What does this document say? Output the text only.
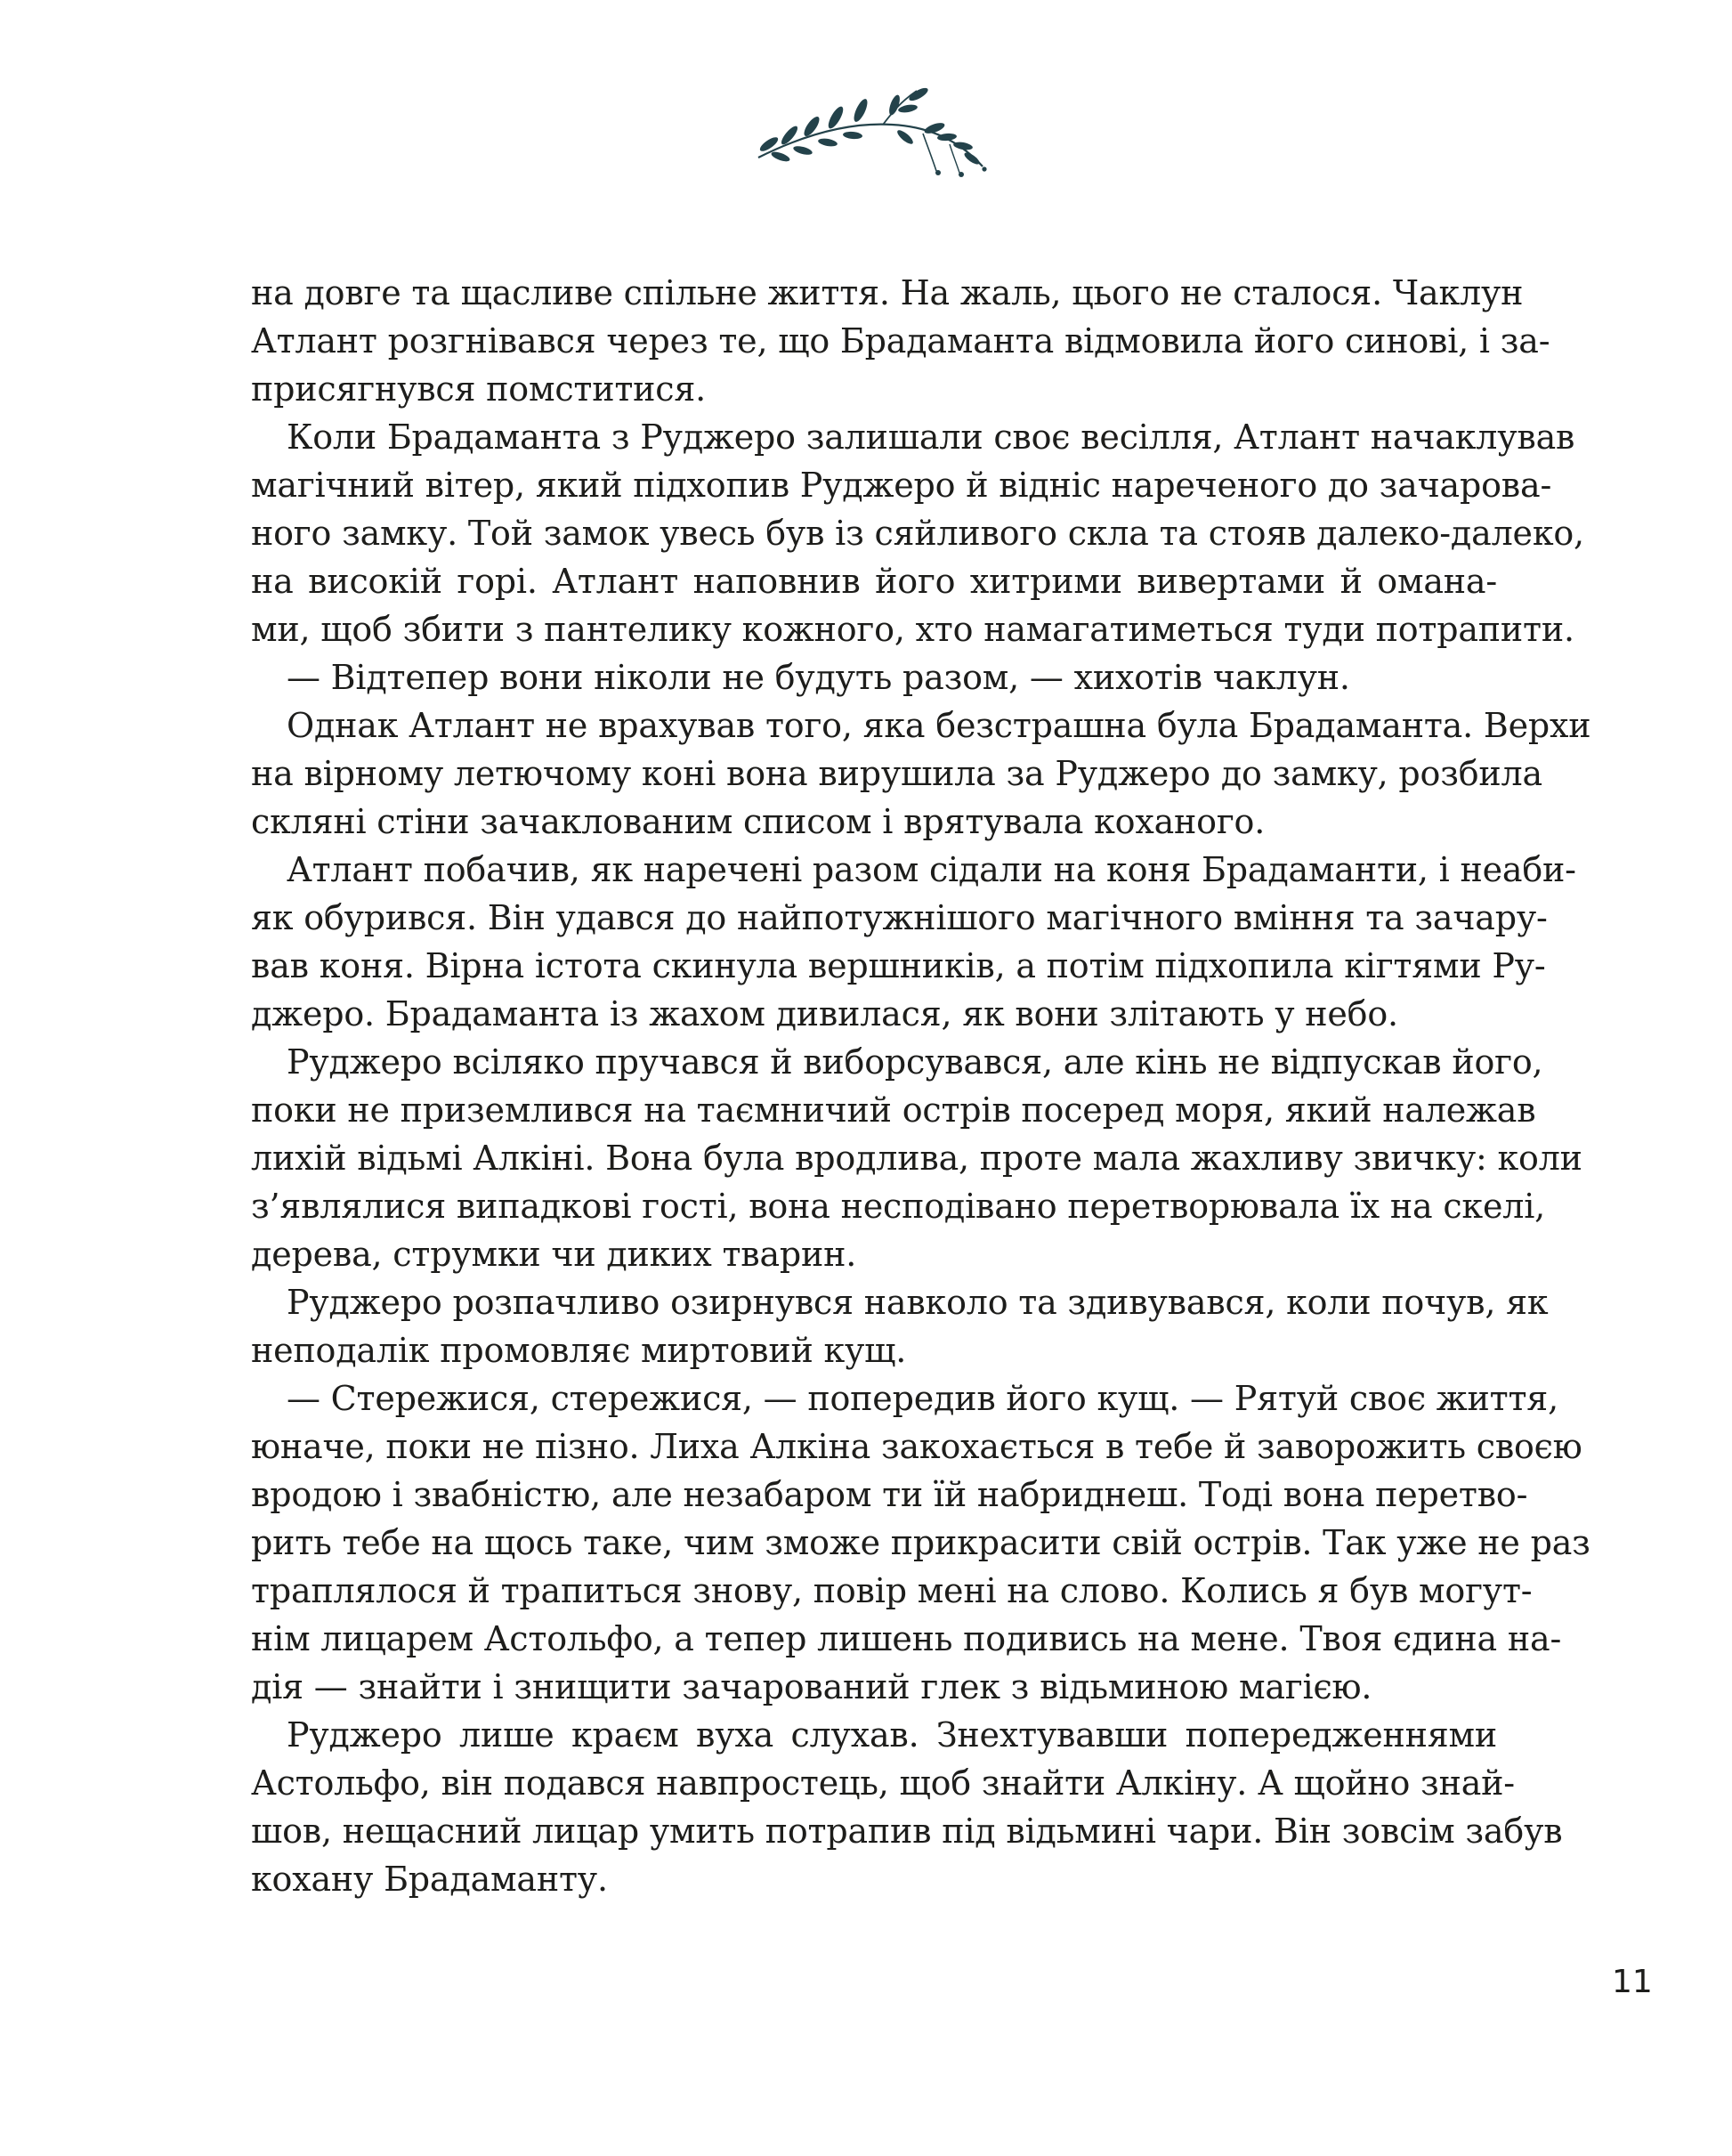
на довге та щасливе спільне життя. На жаль, цього не сталося. Чаклун
Атлант розгнівався через те, що Брадаманта відмовила його синові, і за-
присягнувся помститися.
Коли Брадаманта з Руджеро залишали своє весілля, Атлант начаклував
магічний вітер, який підхопив Руджеро й відніс нареченого до зачарова-
ного замку. Той замок увесь був із сяйливого скла та стояв далеко-далеко,
на високій горі. Атлант наповнив його хитрими вивертами й омана-
ми, щоб збити з пантелику кожного, хто намагатиметься туди потрапити.
— Відтепер вони ніколи не будуть разом, — хихотів чаклун.
Однак Атлант не врахував того, яка безстрашна була Брадаманта. Верхи
на вірному летючому коні вона вирушила за Руджеро до замку, розбила
скляні стіни зачаклованим списом і врятувала коханого.
Атлант побачив, як наречені разом сідали на коня Брадаманти, і неаби-
як обурився. Він удався до найпотужнішого магічного вміння та зачару-
вав коня. Вірна істота скинула вершників, а потім підхопила кігтями Ру-
джеро. Брадаманта із жахом дивилася, як вони злітають у небо.
Руджеро всіляко пручався й виборсувався, але кінь не відпускав його,
поки не приземлився на таємничий острів посеред моря, який належав
лихій відьмі Алкіні. Вона була вродлива, проте мала жахливу звичку: коли
з’являлися випадкові гості, вона несподівано перетворювала їх на скелі,
дерева, струмки чи диких тварин.
Руджеро розпачливо озирнувся навколо та здивувався, коли почув, як
неподалік промовляє миртовий кущ.
— Стережися, стережися, — попередив його кущ. — Рятуй своє життя,
юначе, поки не пізно. Лиха Алкіна закохається в тебе й заворожить своєю
вродою і звабністю, але незабаром ти їй набриднеш. Тоді вона перетво-
рить тебе на щось таке, чим зможе прикрасити свій острів. Так уже не раз
траплялося й трапиться знову, повір мені на слово. Колись я був могут-
нім лицарем Астольфо, а тепер лишень подивись на мене. Твоя єдина на-
дія — знайти і знищити зачарований глек з відьминою магією.
Руджеро лише краєм вуха слухав. Знехтувавши попередженнями
Астольфо, він подався навпростець, щоб знайти Алкіну. А щойно знай-
шов, нещасний лицар умить потрапив під відьмині чари. Він зовсім забув
кохану Брадаманту.
11
